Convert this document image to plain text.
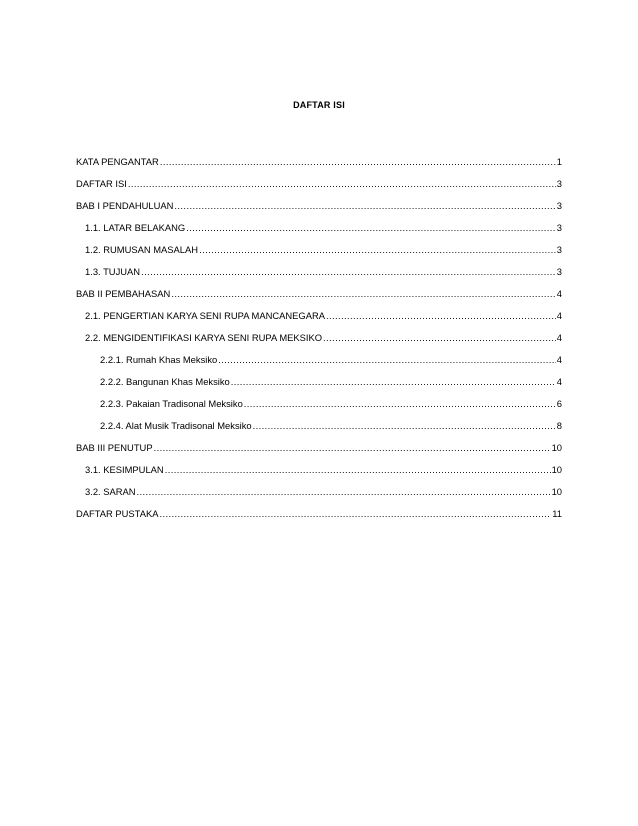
DAFTAR ISI
KATA PENGANTAR .....	1
DAFTAR ISI .....	3
BAB I PENDAHULUAN .....	3
1.1. LATAR BELAKANG .....	3
1.2. RUMUSAN MASALAH .....	3
1.3. TUJUAN .....	3
BAB II PEMBAHASAN .....	4
2.1. PENGERTIAN KARYA SENI RUPA MANCANEGARA .....	4
2.2. MENGIDENTIFIKASI KARYA SENI RUPA MEKSIKO .....	4
2.2.1. Rumah Khas Meksiko .....	4
2.2.2. Bangunan Khas Meksiko .....	4
2.2.3. Pakaian Tradisonal Meksiko .....	6
2.2.4. Alat Musik Tradisonal Meksiko .....	8
BAB III PENUTUP .....	10
3.1. KESIMPULAN .....	10
3.2. SARAN .....	10
DAFTAR PUSTAKA .....	11
